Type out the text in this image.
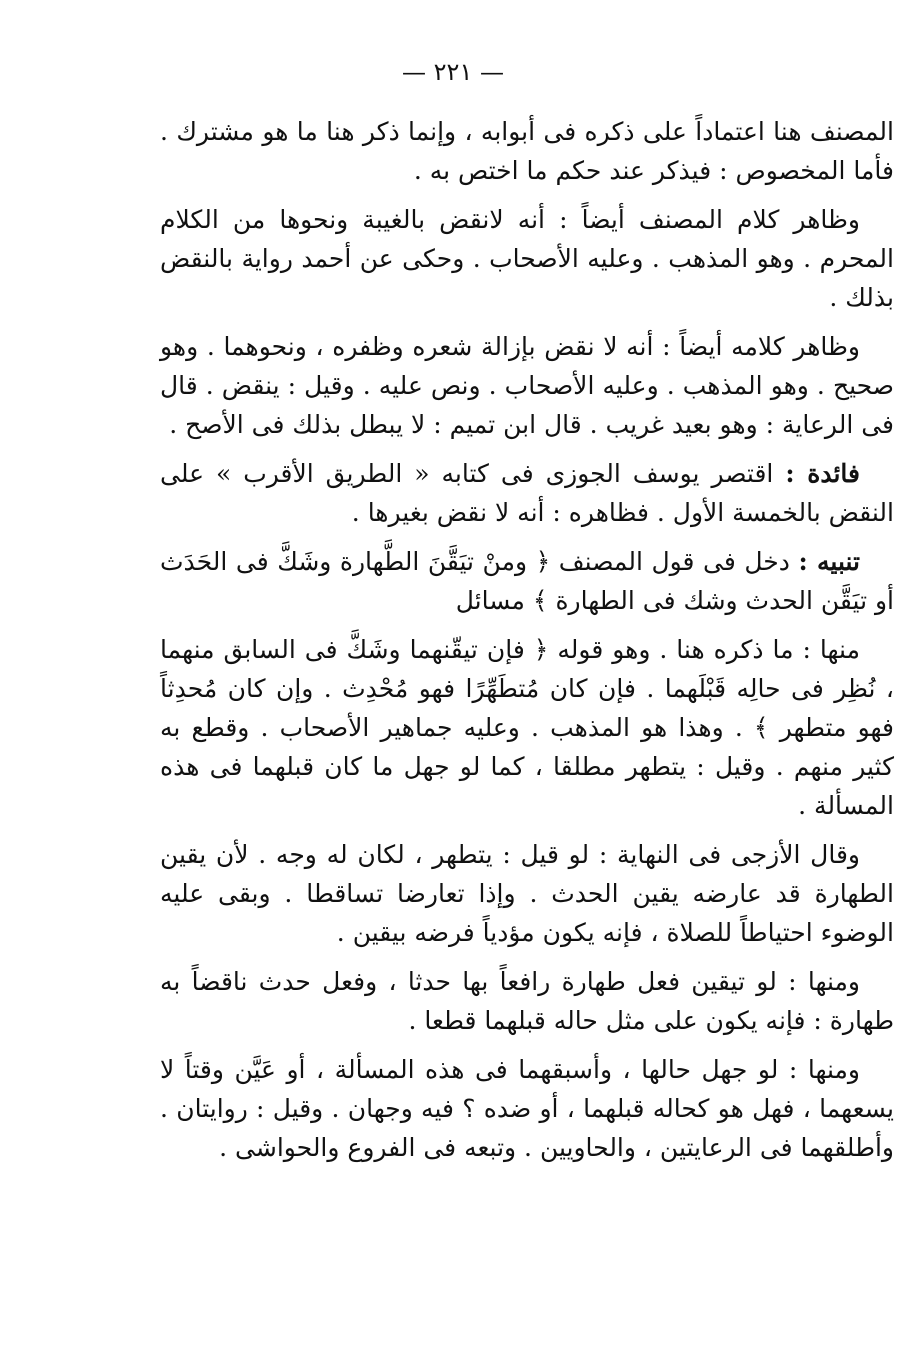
— ٢٢١ —

المصنف هنا اعتماداً على ذكره فى أبوابه ، وإنما ذكر هنا ما هو مشترك . فأما المخصوص : فيذكر عند حكم ما اختص به .

وظاهر كلام المصنف أيضاً : أنه لانقض بالغيبة ونحوها من الكلام المحرم . وهو المذهب . وعليه الأصحاب . وحكى عن أحمد رواية بالنقض بذلك .

وظاهر كلامه أيضاً : أنه لا نقض بإزالة شعره وظفره ، ونحوهما . وهو صحيح . وهو المذهب . وعليه الأصحاب . ونص عليه . وقيل : ينقض . قال فى الرعاية : وهو بعيد غريب . قال ابن تميم : لا يبطل بذلك فى الأصح .

فائدة : اقتصر يوسف الجوزى فى كتابه « الطريق الأقرب » على النقض بالخمسة الأول . فظاهره : أنه لا نقض بغيرها .

تنبيه : دخل فى قول المصنف ﴿ ومنْ تيَقَّنَ الطَّهارة وشَكَّ فى الحَدَث أو تيَقَّن الحدث وشك فى الطهارة ﴾ مسائل

منها : ما ذكره هنا . وهو قوله ﴿ فإن تيقّنهما وشَكَّ فى السابق منهما ، نُظِر فى حالِه قَبْلَهما . فإن كان مُتطَهِّرًا فهو مُحْدِث . وإن كان مُحدِثاً فهو متطهر ﴾ . وهذا هو المذهب . وعليه جماهير الأصحاب . وقطع به كثير منهم . وقيل : يتطهر مطلقا ، كما لو جهل ما كان قبلهما فى هذه المسألة .

وقال الأزجى فى النهاية : لو قيل : يتطهر ، لكان له وجه . لأن يقين الطهارة قد عارضه يقين الحدث . وإذا تعارضا تساقطا . وبقى عليه الوضوء احتياطاً للصلاة ، فإنه يكون مؤدياً فرضه بيقين .

ومنها : لو تيقين فعل طهارة رافعاً بها حدثا ، وفعل حدث ناقضاً به طهارة : فإنه يكون على مثل حاله قبلهما قطعا .

ومنها : لو جهل حالها ، وأسبقهما فى هذه المسألة ، أو عَيَّن وقتاً لا يسعهما ، فهل هو كحاله قبلهما ، أو ضده ؟ فيه وجهان . وقيل : روايتان . وأطلقهما فى الرعايتين ، والحاويين . وتبعه فى الفروع والحواشى .
